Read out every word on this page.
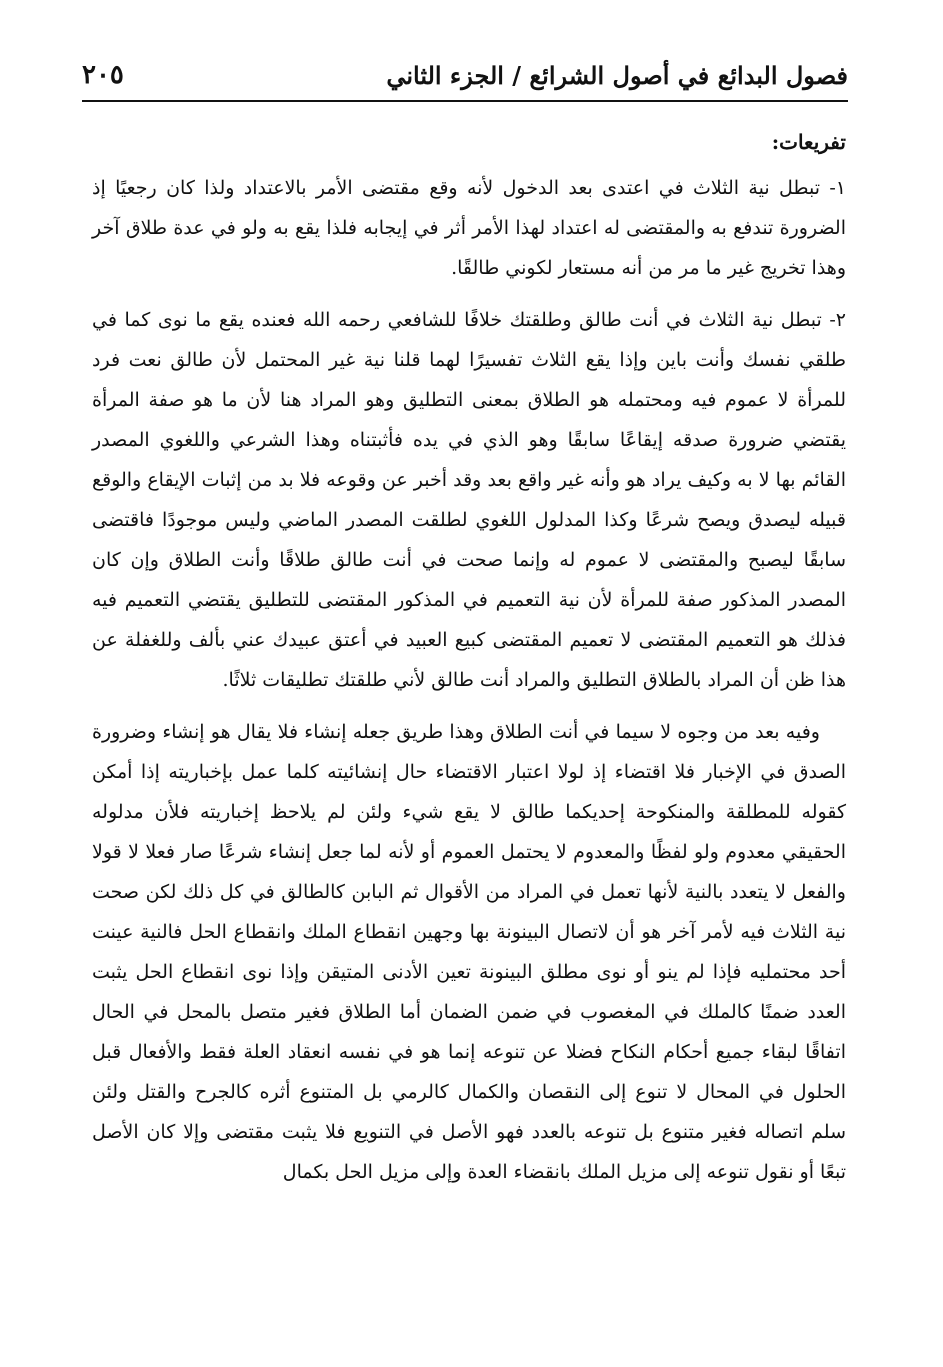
فصول البدائع في أصول الشرائع / الجزء الثاني
٢٠٥

تفريعات:

١- تبطل نية الثلاث في اعتدى بعد الدخول لأنه وقع مقتضى الأمر بالاعتداد ولذا كان رجعيًا إذ الضرورة تندفع به والمقتضى له اعتداد لهذا الأمر أثر في إيجابه فلذا يقع به ولو في عدة طلاق آخر وهذا تخريج غير ما مر من أنه مستعار لكوني طالقًا.

٢- تبطل نية الثلاث في أنت طالق وطلقتك خلافًا للشافعي رحمه الله فعنده يقع ما نوى كما في طلقي نفسك وأنت باين وإذا يقع الثلاث تفسيرًا لهما قلنا نية غير المحتمل لأن طالق نعت فرد للمرأة لا عموم فيه ومحتمله هو الطلاق بمعنى التطليق وهو المراد هنا لأن ما هو صفة المرأة يقتضي ضرورة صدقه إيقاعًا سابقًا وهو الذي في يده فأثبتناه وهذا الشرعي واللغوي المصدر القائم بها لا به وكيف يراد هو وأنه غير واقع بعد وقد أخبر عن وقوعه فلا بد من إثبات الإيقاع والوقع قبيله ليصدق ويصح شرعًا وكذا المدلول اللغوي لطلقت المصدر الماضي وليس موجودًا فاقتضى سابقًا ليصبح والمقتضى لا عموم له وإنما صحت في أنت طالق طلاقًا وأنت الطلاق وإن كان المصدر المذكور صفة للمرأة لأن نية التعميم في المذكور المقتضى للتطليق يقتضي التعميم فيه فذلك هو التعميم المقتضى لا تعميم المقتضى كبيع العبيد في أعتق عبيدك عني بألف وللغفلة عن هذا ظن أن المراد بالطلاق التطليق والمراد أنت طالق لأني طلقتك تطليقات ثلاثًا.

وفيه بعد من وجوه لا سيما في أنت الطلاق وهذا طريق جعله إنشاء فلا يقال هو إنشاء وضرورة الصدق في الإخبار فلا اقتضاء إذ لولا اعتبار الاقتضاء حال إنشائيته كلما عمل بإخباريته إذا أمكن كقوله للمطلقة والمنكوحة إحديكما طالق لا يقع شيء ولئن لم يلاحظ إخباريته فلأن مدلوله الحقيقي معدوم ولو لفظًا والمعدوم لا يحتمل العموم أو لأنه لما جعل إنشاء شرعًا صار فعلا لا قولا والفعل لا يتعدد بالنية لأنها تعمل في المراد من الأقوال ثم البابن كالطالق في كل ذلك لكن صحت نية الثلاث فيه لأمر آخر هو أن لاتصال البينونة بها وجهين انقطاع الملك وانقطاع الحل فالنية عينت أحد محتمليه فإذا لم ينو أو نوى مطلق البينونة تعين الأدنى المتيقن وإذا نوى انقطاع الحل يثبت العدد ضمنًا كالملك في المغصوب في ضمن الضمان أما الطلاق فغير متصل بالمحل في الحال اتفاقًا لبقاء جميع أحكام النكاح فضلا عن تنوعه إنما هو في نفسه انعقاد العلة فقط والأفعال قبل الحلول في المحال لا تنوع إلى النقصان والكمال كالرمي بل المتنوع أثره كالجرح والقتل ولئن سلم اتصاله فغير متنوع بل تنوعه بالعدد فهو الأصل في التنويع فلا يثبت مقتضى وإلا كان الأصل تبعًا أو نقول تنوعه إلى مزيل الملك بانقضاء العدة وإلى مزيل الحل بكمال
